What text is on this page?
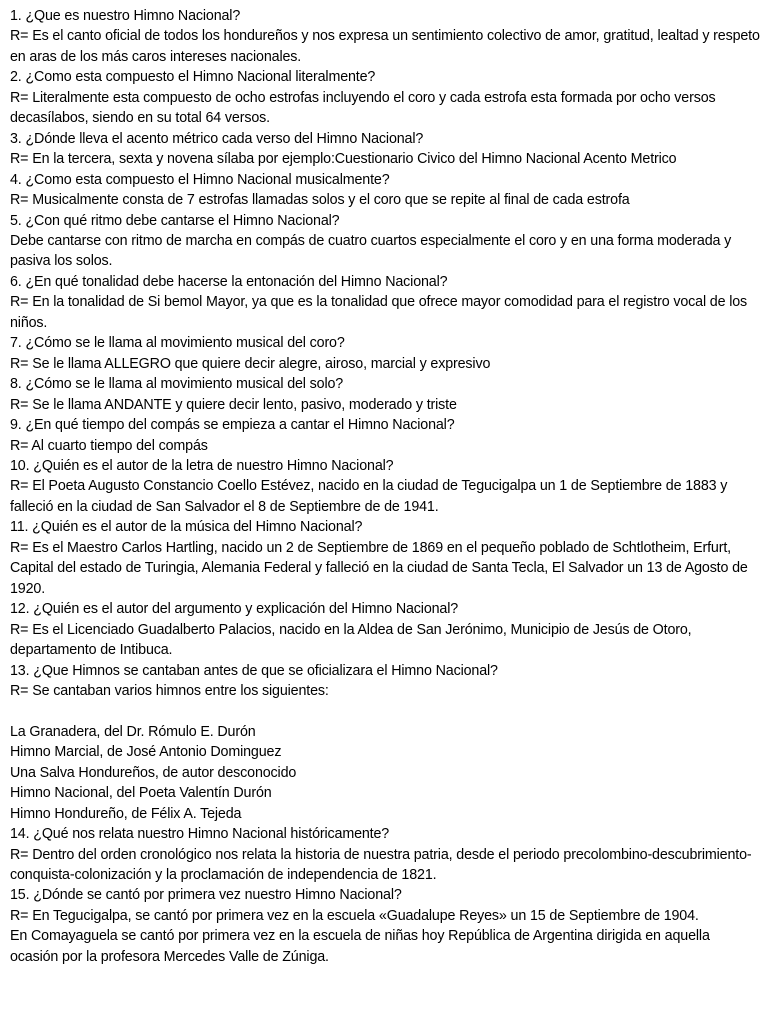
1. ¿Que es nuestro Himno Nacional?

R= Es el canto oficial de todos los hondureños y nos expresa un sentimiento colectivo de amor, gratitud, lealtad y respeto en aras de los más caros intereses nacionales.

2. ¿Como esta compuesto el Himno Nacional literalmente?

R= Literalmente esta compuesto de ocho estrofas incluyendo el coro y cada estrofa esta formada por ocho versos decasílabos, siendo en su total 64 versos.

3. ¿Dónde lleva el acento métrico cada verso del Himno Nacional?

R= En la tercera, sexta y novena sílaba por ejemplo:Cuestionario Civico del Himno Nacional Acento Metrico

4. ¿Como esta compuesto el Himno Nacional musicalmente?

R= Musicalmente consta de 7 estrofas llamadas solos y el coro que se repite al final de cada estrofa

5. ¿Con qué ritmo debe cantarse el Himno Nacional?

Debe cantarse con ritmo de marcha en compás de cuatro cuartos especialmente el coro y en una forma moderada y pasiva los solos.

6. ¿En qué tonalidad debe hacerse la entonación del Himno Nacional?

R= En la tonalidad de Si bemol Mayor, ya que es la tonalidad que ofrece mayor comodidad para el registro vocal de los niños.

7. ¿Cómo se le llama al movimiento musical del coro?

R= Se le llama ALLEGRO que quiere decir alegre, airoso, marcial y expresivo

8. ¿Cómo se le llama al movimiento musical del solo?

R= Se le llama ANDANTE y quiere decir lento, pasivo, moderado y triste

9. ¿En qué tiempo del compás se empieza a cantar el Himno Nacional?

R= Al cuarto tiempo del compás

10. ¿Quién es el autor de la letra de nuestro Himno Nacional?

R= El Poeta Augusto Constancio Coello Estévez, nacido en la ciudad de Tegucigalpa un 1 de Septiembre de 1883 y falleció en la ciudad de San Salvador el 8 de Septiembre de de 1941.

11. ¿Quién es el autor de la música del Himno Nacional?

R= Es el Maestro Carlos Hartling, nacido un 2 de Septiembre de 1869 en el pequeño poblado de Schtlotheim, Erfurt, Capital del estado de Turingia, Alemania Federal y falleció en la ciudad de Santa Tecla, El Salvador un 13 de Agosto de 1920.

12. ¿Quién es el autor del argumento y explicación del Himno Nacional?

R= Es el Licenciado Guadalberto Palacios, nacido en la Aldea de San Jerónimo, Municipio de Jesús de Otoro, departamento de Intibuca.

13. ¿Que Himnos se cantaban antes de que se oficializara el Himno Nacional?

R= Se cantaban varios himnos entre los siguientes:

La Granadera, del Dr. Rómulo E. Durón

Himno Marcial, de José Antonio Dominguez

Una Salva Hondureños, de autor desconocido

Himno Nacional, del Poeta Valentín Durón

Himno Hondureño, de Félix A. Tejeda

14. ¿Qué nos relata nuestro Himno Nacional históricamente?

R= Dentro del orden cronológico nos relata la historia de nuestra patria, desde el periodo precolombino-descubrimiento-conquista-colonización y la proclamación de independencia de 1821.

15. ¿Dónde se cantó por primera vez nuestro Himno Nacional?

R= En Tegucigalpa, se cantó por primera vez en la escuela «Guadalupe Reyes» un 15 de Septiembre de 1904.

En Comayaguela se cantó por primera vez en la escuela de niñas hoy República de Argentina dirigida en aquella ocasión por la profesora Mercedes Valle de Zúniga.
